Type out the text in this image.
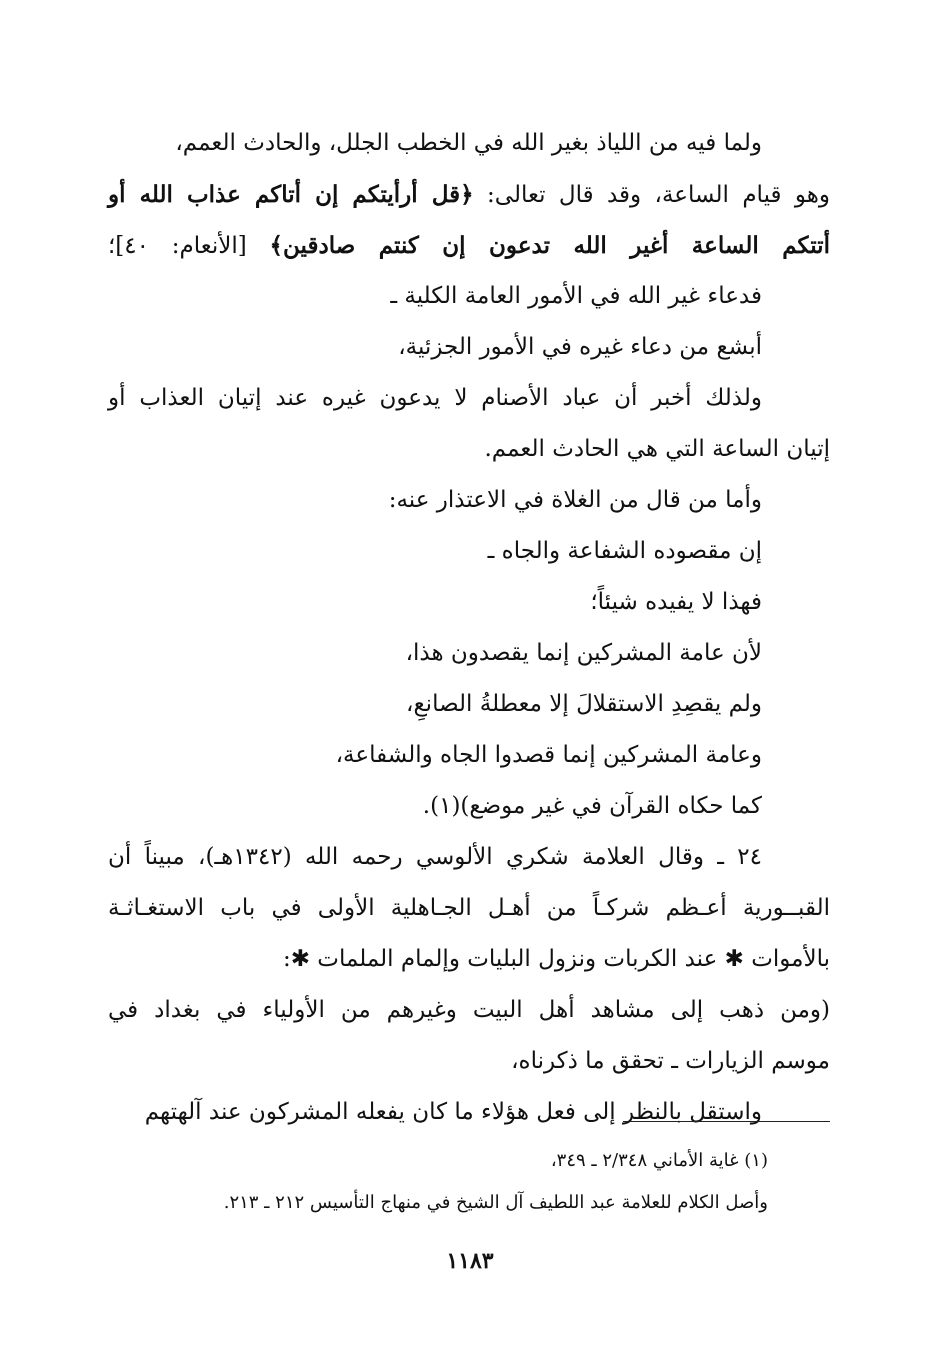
ولما فيه من اللياذ بغير الله في الخطب الجلل، والحادث العمم،
وهو قيام الساعة، وقد قال تعالى: ﴿قل أرأيتكم إن أتاكم عذاب الله أو
أتتكم الساعة أغير الله تدعون إن كنتم صادقين﴾ [الأنعام: ٤٠]؛
فدعاء غير الله في الأمور العامة الكلية ـ
أبشع من دعاء غيره في الأمور الجزئية،
ولذلك أخبر أن عباد الأصنام لا يدعون غيره عند إتيان العذاب أو
إتيان الساعة التي هي الحادث العمم.
وأما من قال من الغلاة في الاعتذار عنه:
إن مقصوده الشفاعة والجاه ـ
فهذا لا يفيده شيئاً؛
لأن عامة المشركين إنما يقصدون هذا،
ولم يقصِدِ الاستقلالَ إلا معطلةُ الصانعِ،
وعامة المشركين إنما قصدوا الجاه والشفاعة،
كما حكاه القرآن في غير موضع)(١).
٢٤ ـ وقال العلامة شكري الألوسي رحمه الله (١٣٤٢هـ)، مبيناً أن
القبــورية أعـظم شركـاً من أهـل الجـاهلية الأولى في باب الاستغـاثـة
بالأموات ✱ عند الكربات ونزول البليات وإلمام الملمات ✱:
(ومن ذهب إلى مشاهد أهل البيت وغيرهم من الأولياء في بغداد في
موسم الزيارات ـ تحقق ما ذكرناه،
واستقل بالنظر إلى فعل هؤلاء ما كان يفعله المشركون عند آلهتهم
(١) غاية الأماني ٢/٣٤٨ ـ ٣٤٩،
وأصل الكلام للعلامة عبد اللطيف آل الشيخ في منهاج التأسيس ٢١٢ ـ ٢١٣.
١١٨٣
